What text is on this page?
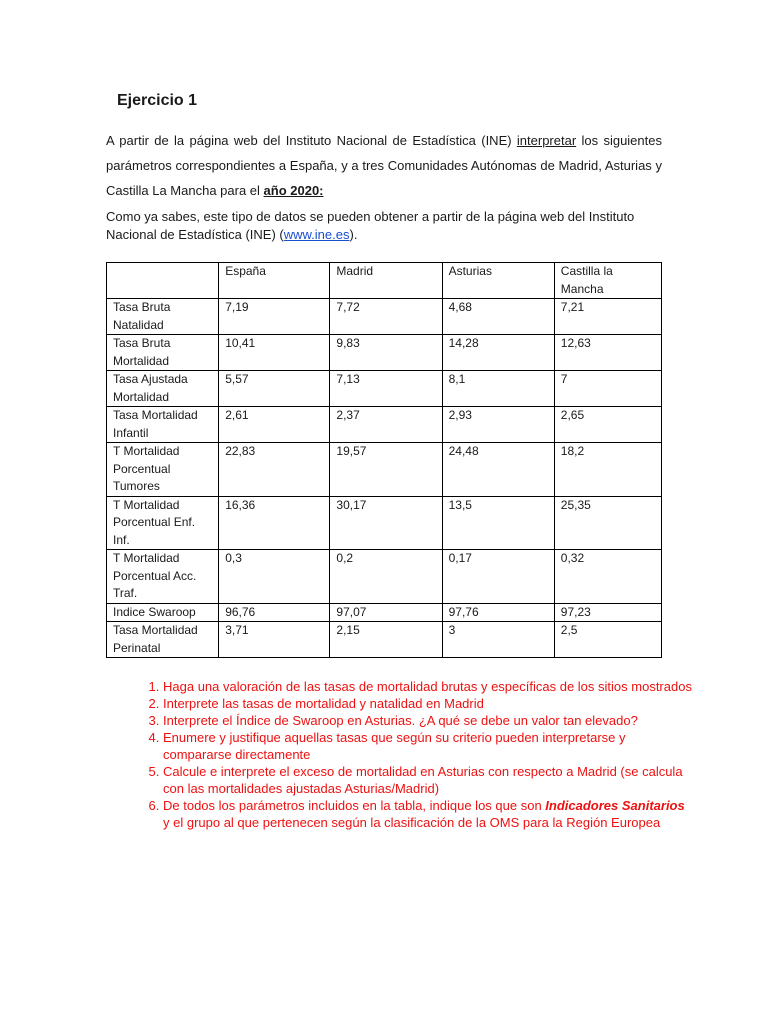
Ejercicio 1

A partir de la página web del Instituto Nacional de Estadística (INE) interpretar los siguientes parámetros correspondientes a España, y a tres Comunidades Autónomas de Madrid, Asturias y Castilla La Mancha para el año 2020:

Como ya sabes, este tipo de datos se pueden obtener a partir de la página web del Instituto Nacional de Estadística (INE) (www.ine.es).

	España	Madrid	Asturias	Castilla la Mancha
Tasa Bruta Natalidad	7,19	7,72	4,68	7,21
Tasa Bruta Mortalidad	10,41	9,83	14,28	12,63
Tasa Ajustada Mortalidad	5,57	7,13	8,1	7
Tasa Mortalidad Infantil	2,61	2,37	2,93	2,65
T Mortalidad Porcentual Tumores	22,83	19,57	24,48	18,2
T Mortalidad Porcentual Enf. Inf.	16,36	30,17	13,5	25,35
T Mortalidad Porcentual Acc. Traf.	0,3	0,2	0,17	0,32
Indice Swaroop	96,76	97,07	97,76	97,23
Tasa Mortalidad Perinatal	3,71	2,15	3	2,5
1. Haga una valoración de las tasas de mortalidad brutas y específicas de los sitios mostrados
2. Interprete las tasas de mortalidad y natalidad en Madrid
3. Interprete el Índice de Swaroop en Asturias. ¿A qué se debe un valor tan elevado?
4. Enumere y justifique aquellas tasas que según su criterio pueden interpretarse y compararse directamente
5. Calcule e interprete el exceso de mortalidad en Asturias con respecto a Madrid (se calcula con las mortalidades ajustadas Asturias/Madrid)
6. De todos los parámetros incluidos en la tabla, indique los que son Indicadores Sanitarios y el grupo al que pertenecen según la clasificación de la OMS para la Región Europea
